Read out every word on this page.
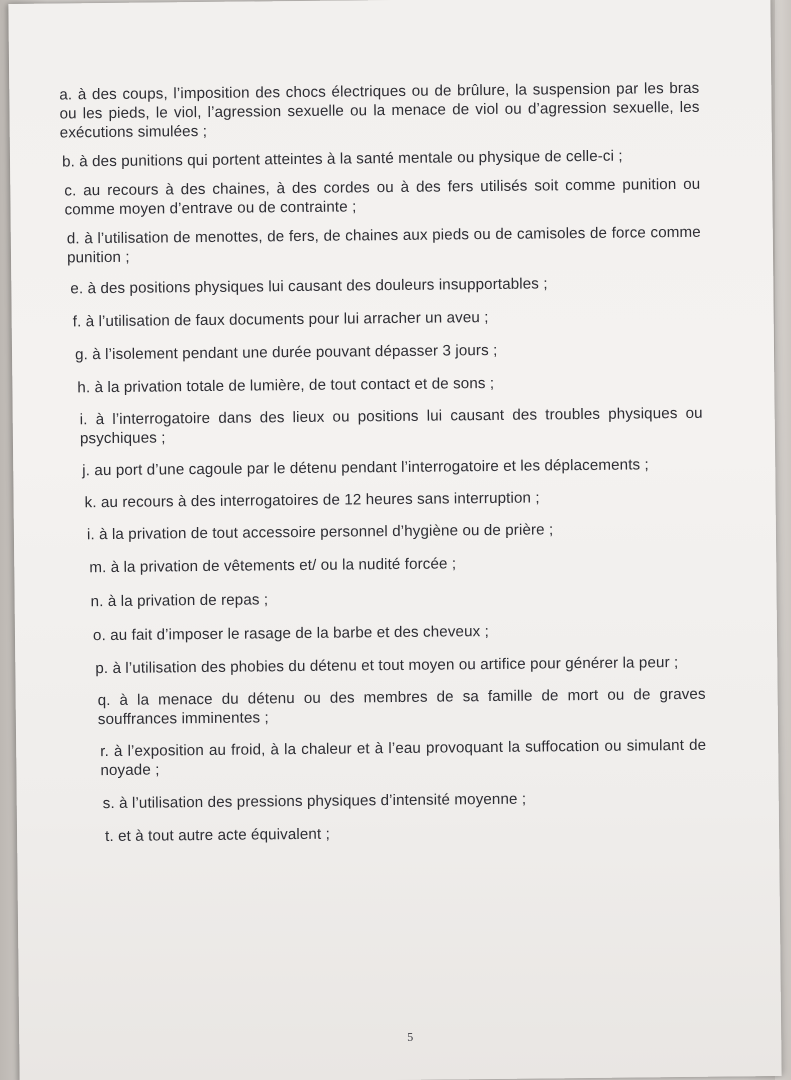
a. à des coups, l’imposition des chocs électriques ou de brûlure, la suspension par les bras ou les pieds, le viol, l’agression sexuelle ou la menace de viol ou d’agression sexuelle, les exécutions simulées ;

b. à des punitions qui portent atteintes à la santé mentale ou physique de celle-ci ;

c. au recours à des chaines, à des cordes ou à des fers utilisés soit comme punition ou comme moyen d’entrave ou de contrainte ;

d. à l’utilisation de menottes, de fers, de chaines aux pieds ou de camisoles de force comme punition ;

e. à des positions physiques lui causant des douleurs insupportables ;

f. à l’utilisation de faux documents pour lui arracher un aveu ;

g. à l’isolement pendant une durée pouvant dépasser 3 jours ;

h. à la privation totale de lumière, de tout contact et de sons ;

i. à l’interrogatoire dans des lieux ou positions lui causant des troubles physiques ou psychiques ;

j. au port d’une cagoule par le détenu pendant l’interrogatoire et les déplacements ;

k. au recours à des interrogatoires de 12 heures sans interruption ;

i. à la privation de tout accessoire personnel d’hygiène ou de prière ;

m. à la privation de vêtements et/ ou la nudité forcée ;

n. à la privation de repas ;

o. au fait d’imposer le rasage de la barbe et des cheveux ;

p. à l’utilisation des phobies du détenu et tout moyen ou artifice pour générer la peur ;

q. à la menace du détenu ou des membres de sa famille de mort ou de graves souffrances imminentes ;

r. à l’exposition au froid, à la chaleur et à l’eau provoquant la suffocation ou simulant de noyade ;

s. à l’utilisation des pressions physiques d’intensité moyenne ;

t. et à tout autre acte équivalent ;

5
